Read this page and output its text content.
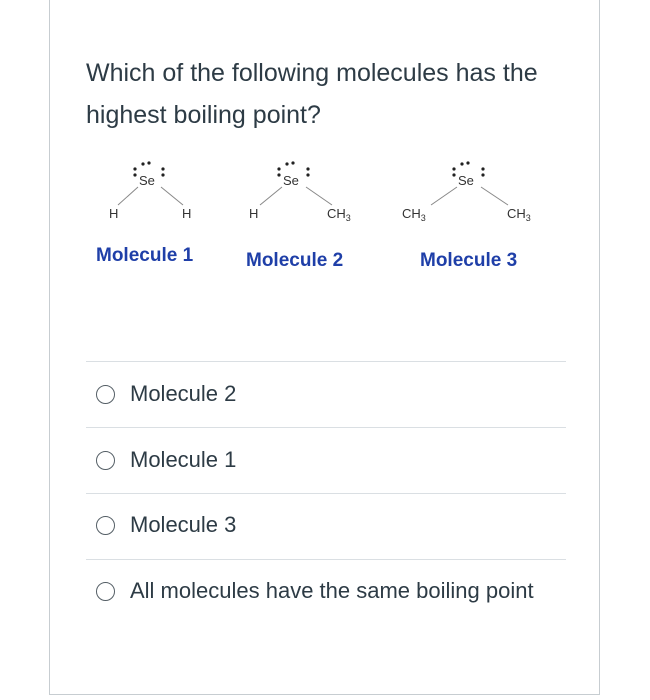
Which of the following molecules has the highest boiling point?
Se
H	H
Molecule 1
Se
H	CH3
Molecule 2
Se
CH3	CH3
Molecule 3
Molecule 2
Molecule 1
Molecule 3
All molecules have the same boiling point
